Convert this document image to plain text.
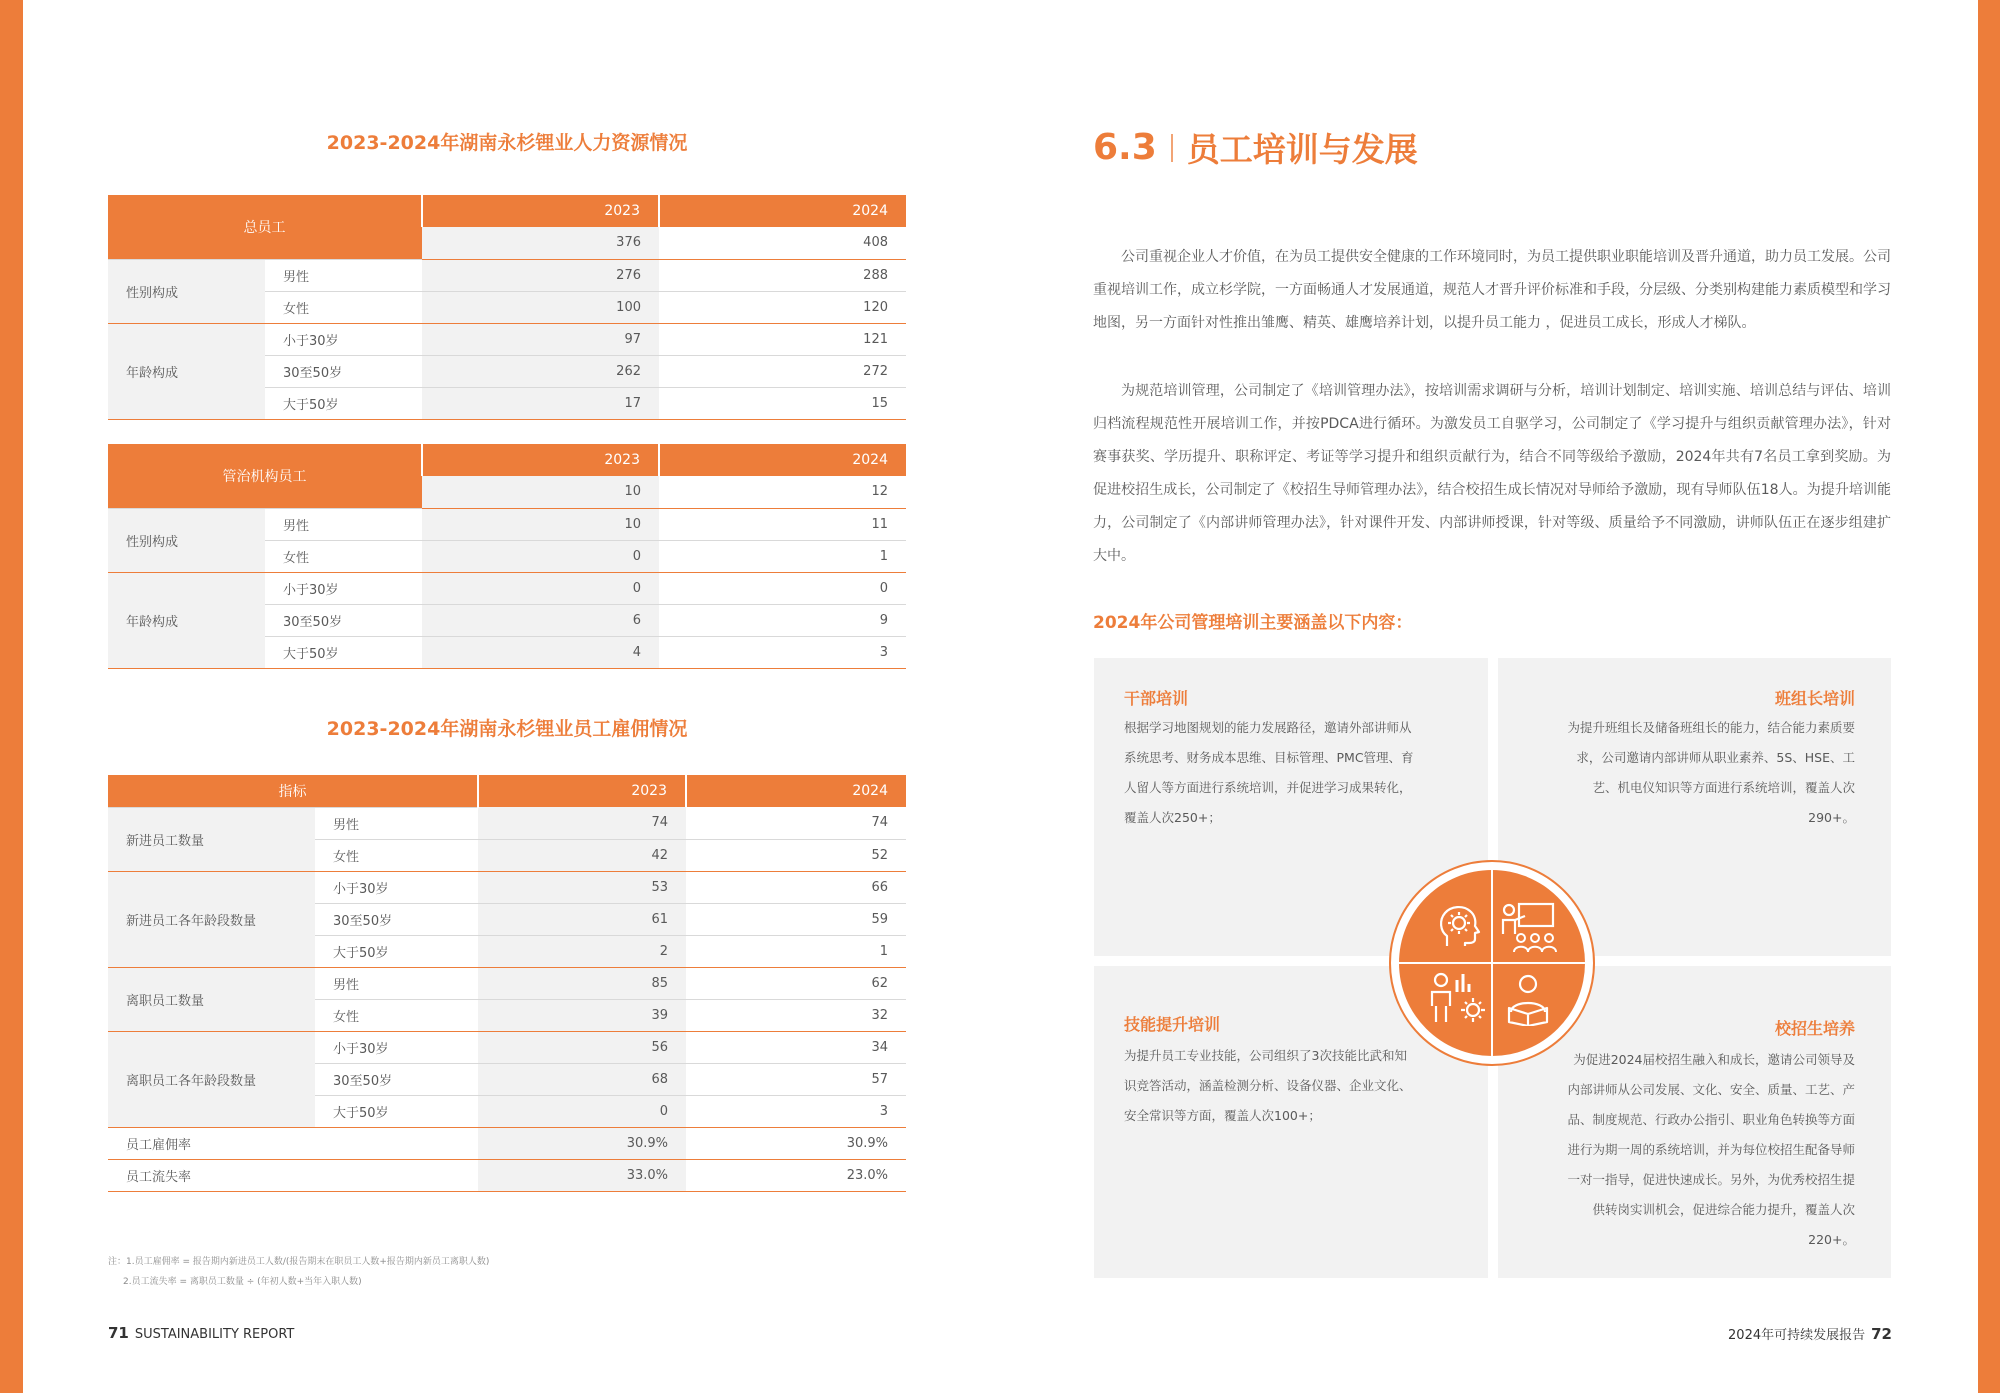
2023-2024年湖南永杉锂业人力资源情况
总员工		2023	2024
		376	408
性别构成	男性	276	288
	女性	100	120
年龄构成	小于30岁	97	121
	30至50岁	262	272
	大于50岁	17	15
管治机构员工		2023	2024
		10	12
性别构成	男性	10	11
	女性	0	1
年龄构成	小于30岁	0	0
	30至50岁	6	9
	大于50岁	4	3
2023-2024年湖南永杉锂业员工雇佣情况
指标		2023	2024
新进员工数量	男性	74	74
	女性	42	52
新进员工各年龄段数量	小于30岁	53	66
	30至50岁	61	59
	大于50岁	2	1
离职员工数量	男性	85	62
	女性	39	32
离职员工各年龄段数量	小于30岁	56	34
	30至50岁	68	57
	大于50岁	0	3
员工雇佣率		30.9%	30.9%
员工流失率		33.0%	23.0%
注：1.员工雇佣率 = 报告期内新进员工人数/(报告期末在职员工人数+报告期内新员工离职人数)
2.员工流失率 = 离职员工数量 ÷ (年初人数+当年入职人数)
71 SUSTAINABILITY REPORT
6.3 员工培训与发展

公司重视企业人才价值，在为员工提供安全健康的工作环境同时，为员工提供职业职能培训及晋升通道，助力员工发展。公司重视培训工作，成立杉学院，一方面畅通人才发展通道，规范人才晋升评价标准和手段，分层级、分类别构建能力素质模型和学习地图，另一方面针对性推出雏鹰、精英、雄鹰培养计划，以提升员工能力 ，促进员工成长，形成人才梯队。

为规范培训管理，公司制定了《培训管理办法》，按培训需求调研与分析，培训计划制定、培训实施、培训总结与评估、培训归档流程规范性开展培训工作，并按PDCA进行循环。为激发员工自驱学习，公司制定了《学习提升与组织贡献管理办法》，针对赛事获奖、学历提升、职称评定、考证等学习提升和组织贡献行为，结合不同等级给予激励，2024年共有7名员工拿到奖励。为促进校招生成长，公司制定了《校招生导师管理办法》，结合校招生成长情况对导师给予激励，现有导师队伍18人。为提升培训能力，公司制定了《内部讲师管理办法》，针对课件开发、内部讲师授课，针对等级、质量给予不同激励，讲师队伍正在逐步组建扩大中。

2024年公司管理培训主要涵盖以下内容：
干部培训

根据学习地图规划的能力发展路径，邀请外部讲师从系统思考、财务成本思维、目标管理、PMC管理、育人留人等方面进行系统培训，并促进学习成果转化，覆盖人次250+；

班组长培训

为提升班组长及储备班组长的能力，结合能力素质要求，公司邀请内部讲师从职业素养、5S、HSE、工艺、机电仪知识等方面进行系统培训，覆盖人次290+。

技能提升培训

为提升员工专业技能，公司组织了3次技能比武和知识竞答活动，涵盖检测分析、设备仪器、企业文化、安全常识等方面，覆盖人次100+；

校招生培养

为促进2024届校招生融入和成长，邀请公司领导及内部讲师从公司发展、文化、安全、质量、工艺、产品、制度规范、行政办公指引、职业角色转换等方面进行为期一周的系统培训，并为每位校招生配备导师一对一指导，促进快速成长。另外，为优秀校招生提供转岗实训机会，促进综合能力提升，覆盖人次220+。

2024年可持续发展报告 72
